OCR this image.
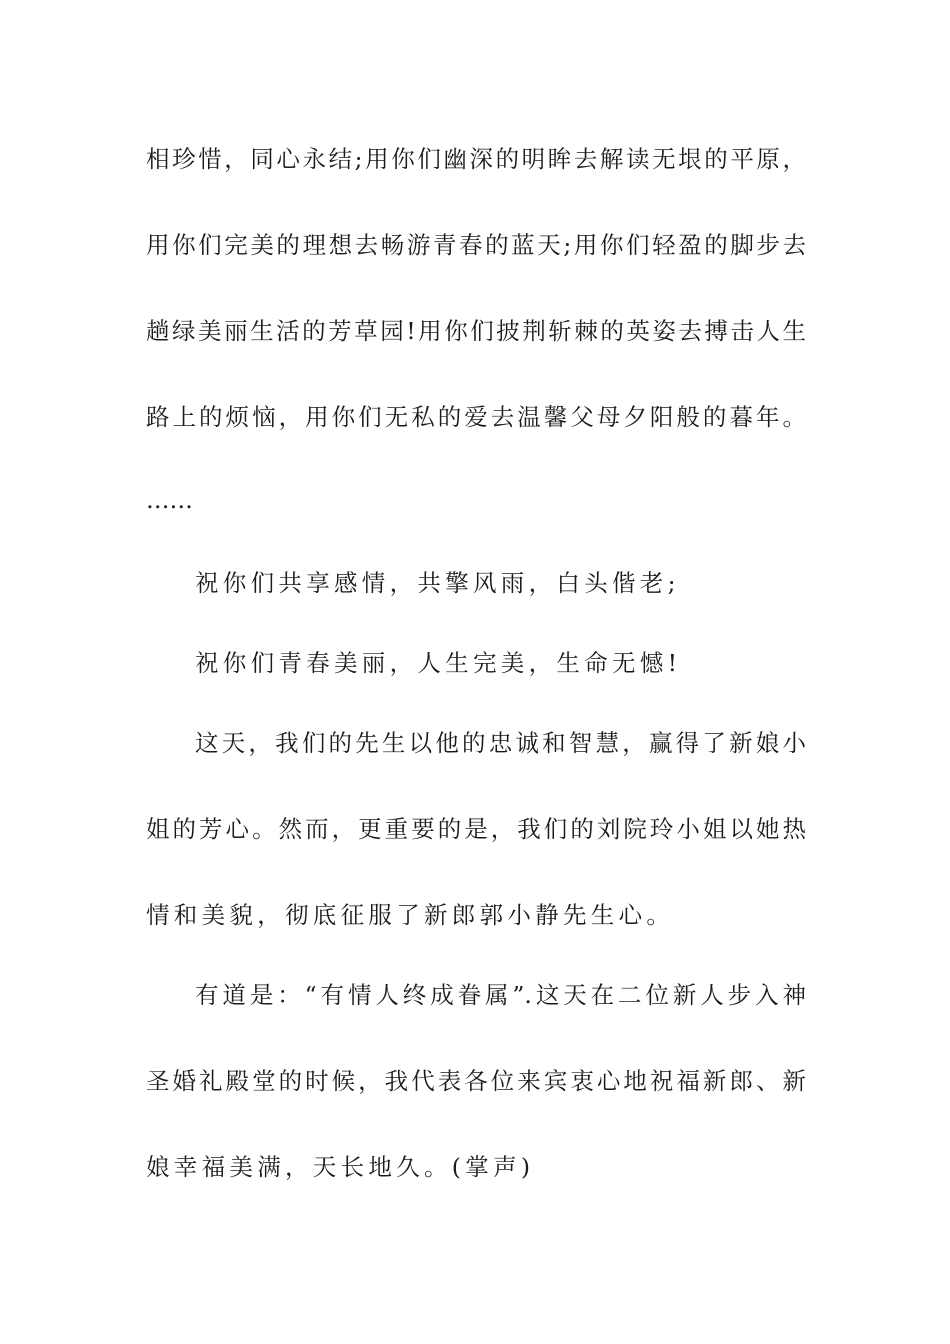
相珍惜，同心永结;用你们幽深的明眸去解读无垠的平原，
用你们完美的理想去畅游青春的蓝天;用你们轻盈的脚步去
趟绿美丽生活的芳草园!用你们披荆斩棘的英姿去搏击人生
路上的烦恼，用你们无私的爱去温馨父母夕阳般的暮年。
……
祝你们共享感情，共擎风雨，白头偕老;
祝你们青春美丽，人生完美，生命无憾!
这天，我们的先生以他的忠诚和智慧，赢得了新娘小
姐的芳心。然而，更重要的是，我们的刘院玲小姐以她热
情和美貌，彻底征服了新郎郭小静先生心。
有道是：“有情人终成眷属”.这天在二位新人步入神
圣婚礼殿堂的时候，我代表各位来宾衷心地祝福新郎、新
娘幸福美满，天长地久。(掌声)
